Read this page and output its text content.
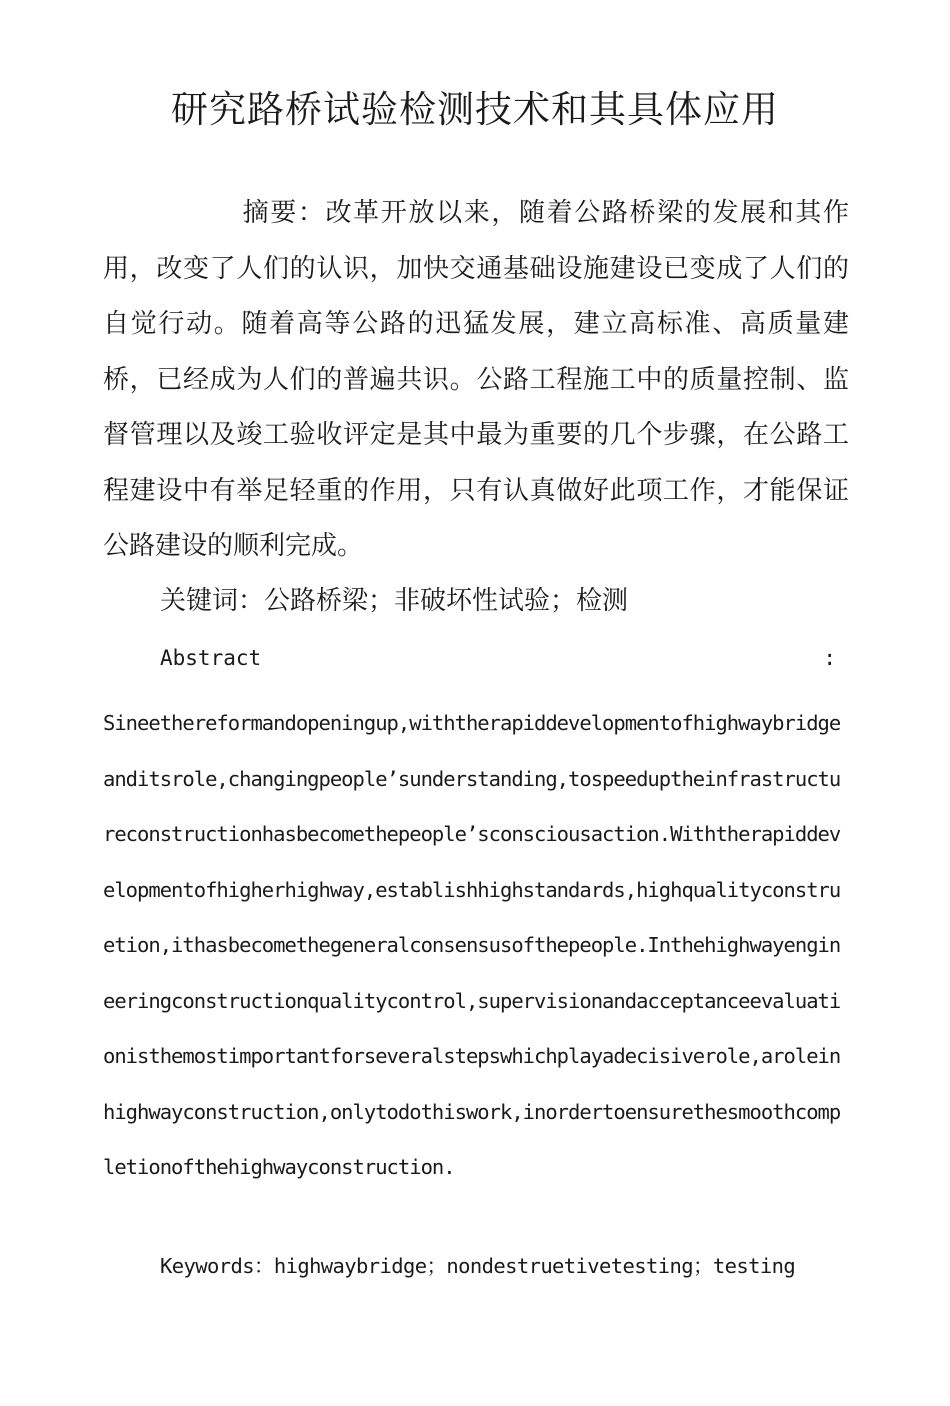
研究路桥试验检测技术和其具体应用

摘要：改革开放以来，随着公路桥梁的发展和其作用，改变了人们的认识，加快交通基础设施建设已变成了人们的自觉行动。随着高等公路的迅猛发展，建立高标准、高质量建桥，已经成为人们的普遍共识。公路工程施工中的质量控制、监督管理以及竣工验收评定是其中最为重要的几个步骤，在公路工程建设中有举足轻重的作用，只有认真做好此项工作，才能保证公路建设的顺利完成。

关键词：公路桥梁；非破坏性试验；检测

Abstract	:

Sineethereformandopeningup,withtherapiddevelopmentofhighwaybridgeanditsrole,changingpeople’sunderstanding,tospeeduptheinfrastructureconstructionhasbecomethepeople’sconsciousaction.Withtherapiddevelopmentofhigherhighway,establishhighstandards,highqualityconstruetion,ithasbecomethegeneralconsensusofthepeople.Inthehighwayengineeringconstructionqualitycontrol,supervisionandacceptanceevaluationisthemostimportantforseveralstepswhichplayadecisiverole,aroleinhighwayconstruction,onlytodothiswork,inordertoensurethesmoothcompletionofthehighwayconstruction.

Keywords：highwaybridge；nondestruetivetesting；testing
